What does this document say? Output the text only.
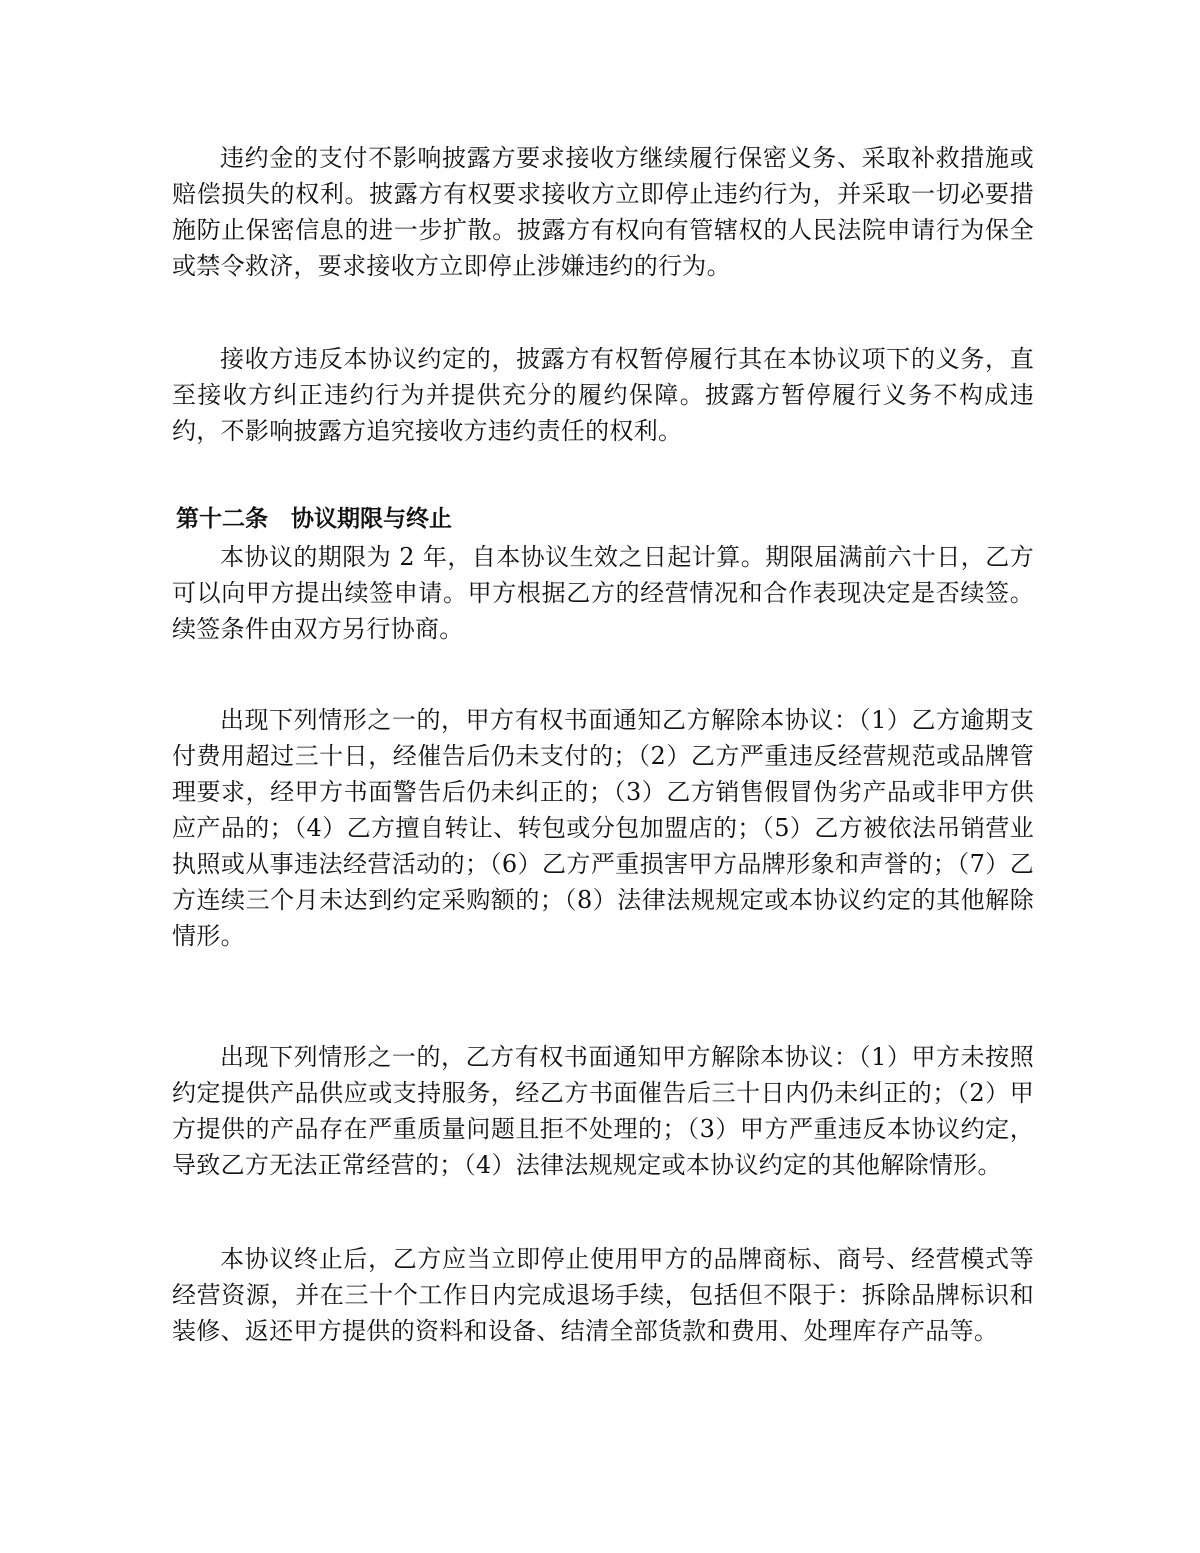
违约金的支付不影响披露方要求接收方继续履行保密义务、采取补救措施或赔偿损失的权利。披露方有权要求接收方立即停止违约行为，并采取一切必要措施防止保密信息的进一步扩散。披露方有权向有管辖权的人民法院申请行为保全或禁令救济，要求接收方立即停止涉嫌违约的行为。

接收方违反本协议约定的，披露方有权暂停履行其在本协议项下的义务，直至接收方纠正违约行为并提供充分的履约保障。披露方暂停履行义务不构成违约，不影响披露方追究接收方违约责任的权利。

第十二条　协议期限与终止

本协议的期限为 2 年，自本协议生效之日起计算。期限届满前六十日，乙方可以向甲方提出续签申请。甲方根据乙方的经营情况和合作表现决定是否续签。续签条件由双方另行协商。

出现下列情形之一的，甲方有权书面通知乙方解除本协议：（1）乙方逾期支付费用超过三十日，经催告后仍未支付的；（2）乙方严重违反经营规范或品牌管理要求，经甲方书面警告后仍未纠正的；（3）乙方销售假冒伪劣产品或非甲方供应产品的；（4）乙方擅自转让、转包或分包加盟店的；（5）乙方被依法吊销营业执照或从事违法经营活动的；（6）乙方严重损害甲方品牌形象和声誉的；（7）乙方连续三个月未达到约定采购额的；（8）法律法规规定或本协议约定的其他解除情形。

出现下列情形之一的，乙方有权书面通知甲方解除本协议：（1）甲方未按照约定提供产品供应或支持服务，经乙方书面催告后三十日内仍未纠正的；（2）甲方提供的产品存在严重质量问题且拒不处理的；（3）甲方严重违反本协议约定，导致乙方无法正常经营的；（4）法律法规规定或本协议约定的其他解除情形。

本协议终止后，乙方应当立即停止使用甲方的品牌商标、商号、经营模式等经营资源，并在三十个工作日内完成退场手续，包括但不限于：拆除品牌标识和装修、返还甲方提供的资料和设备、结清全部货款和费用、处理库存产品等。
